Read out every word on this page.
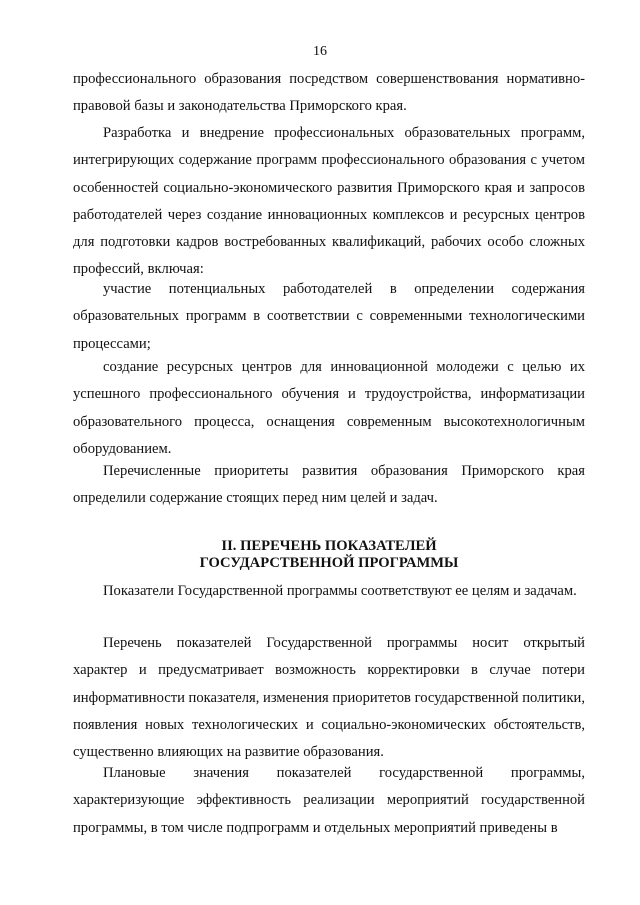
16

профессионального образования посредством совершенствования нормативно-правовой базы и законодательства Приморского края.

Разработка и внедрение профессиональных образовательных программ, интегрирующих содержание программ профессионального образования с учетом особенностей социально-экономического развития Приморского края и запросов работодателей через создание инновационных комплексов и ресурсных центров для подготовки кадров востребованных квалификаций, рабочих особо сложных профессий, включая:

участие потенциальных работодателей в определении содержания образовательных программ в соответствии с современными технологическими процессами;

создание ресурсных центров для инновационной молодежи с целью их успешного профессионального обучения и трудоустройства, информатизации образовательного процесса, оснащения современным высокотехнологичным оборудованием.

Перечисленные приоритеты развития образования Приморского края определили содержание стоящих перед ним целей и задач.

II. ПЕРЕЧЕНЬ ПОКАЗАТЕЛЕЙ
ГОСУДАРСТВЕННОЙ ПРОГРАММЫ

Показатели Государственной программы соответствуют ее целям и задачам.

Перечень показателей Государственной программы носит открытый характер и предусматривает возможность корректировки в случае потери информативности показателя, изменения приоритетов государственной политики, появления новых технологических и социально-экономических обстоятельств, существенно влияющих на развитие образования.

Плановые значения показателей государственной программы, характеризующие эффективность реализации мероприятий государственной программы, в том числе подпрограмм и отдельных мероприятий приведены в
